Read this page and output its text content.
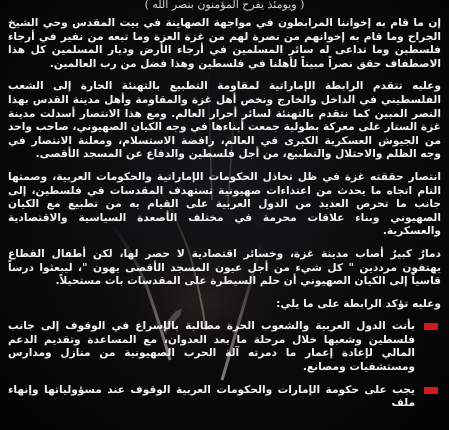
( ويومئذ يفرح المؤمنون بنصر الله )

إن ما قام به إخواننا المرابطون في مواجهة الصهاينة في بيت المقدس وحي الشيخ الجراح وما قام به إخوانهم من نصرة لهم من غزة العزة وما تبعه من نفير في أرجاء فلسطين وما تداعى له سائر المسلمين في أرجاء الأرض وديار المسلمين كل هذا الاصطفاف حقق نصراً مبيناً لأهلنا في فلسطين وهذا فضل من رب العالمين.

وعليه تتقدم الرابطة الإماراتية لمقاومة التطبيع بالتهنئة الحارة إلى الشعب الفلسطيني في الداخل والخارج ونخص أهل غزة والمقاومة وأهل مدينة القدس بهذا النصر المبين كما نتقدم بالتهنئة لسائر أحرار العالم. ومع هذا الانتصار أسدلت مدينة غزة الستار على معركة بطولية جمعت أبناءها في وجه الكيان الصهيوني، صاحب واحد من الجيوش العسكرية الكبرى في العالم، رافضة الاستسلام، ومعلنة الانتصار في وجه الظلم والاحتلال والتطبيع، من أجل فلسطين والدفاع عن المسجد الأقصى.

انتصار حققته غزة في ظل تخاذل الحكومات الإماراتية والحكومات العربية، وصمتها التام اتجاه ما يحدث من اعتداءات صهيونية تستهدف المقدسات في فلسطين، إلى جانب ما تحرص العديد من الدول العربية على القيام به من تطبيع مع الكيان الصهيوني وبناء علاقات محرمة في مختلف الأصعدة السياسية والاقتصادية والعسكرية.

دمارٌ كبيرٌ أصاب مدينة غزة، وخسائر اقتصادية لا حصر لها، لكن أطفال القطاع يهتفون مرددين " كل شيء من أجل عيون المسجد الأقصى يهون "، ليبعثوا درساً قاسياً إلى الكيان الصهيوني أن حلم السيطرة على المقدسات بات مستحيلاً.

وعليه تؤكد الرابطة على ما يلي:

بأنت الدول العربية والشعوب الحرة مطالبة بالإسراع في الوقوف إلى جانب فلسطين وشعبها خلال مرحلة ما بعد العدوان، مع المساعدة وتقديم الدعم المالي لإعادة إعمار ما دمرته آلة الحرب الصهيونية من منازل ومدارس ومستشفيات ومصانع.

يجب على حكومة الإمارات والحكومات العربية الوقوف عند مسؤولياتها وإنهاء ملف
